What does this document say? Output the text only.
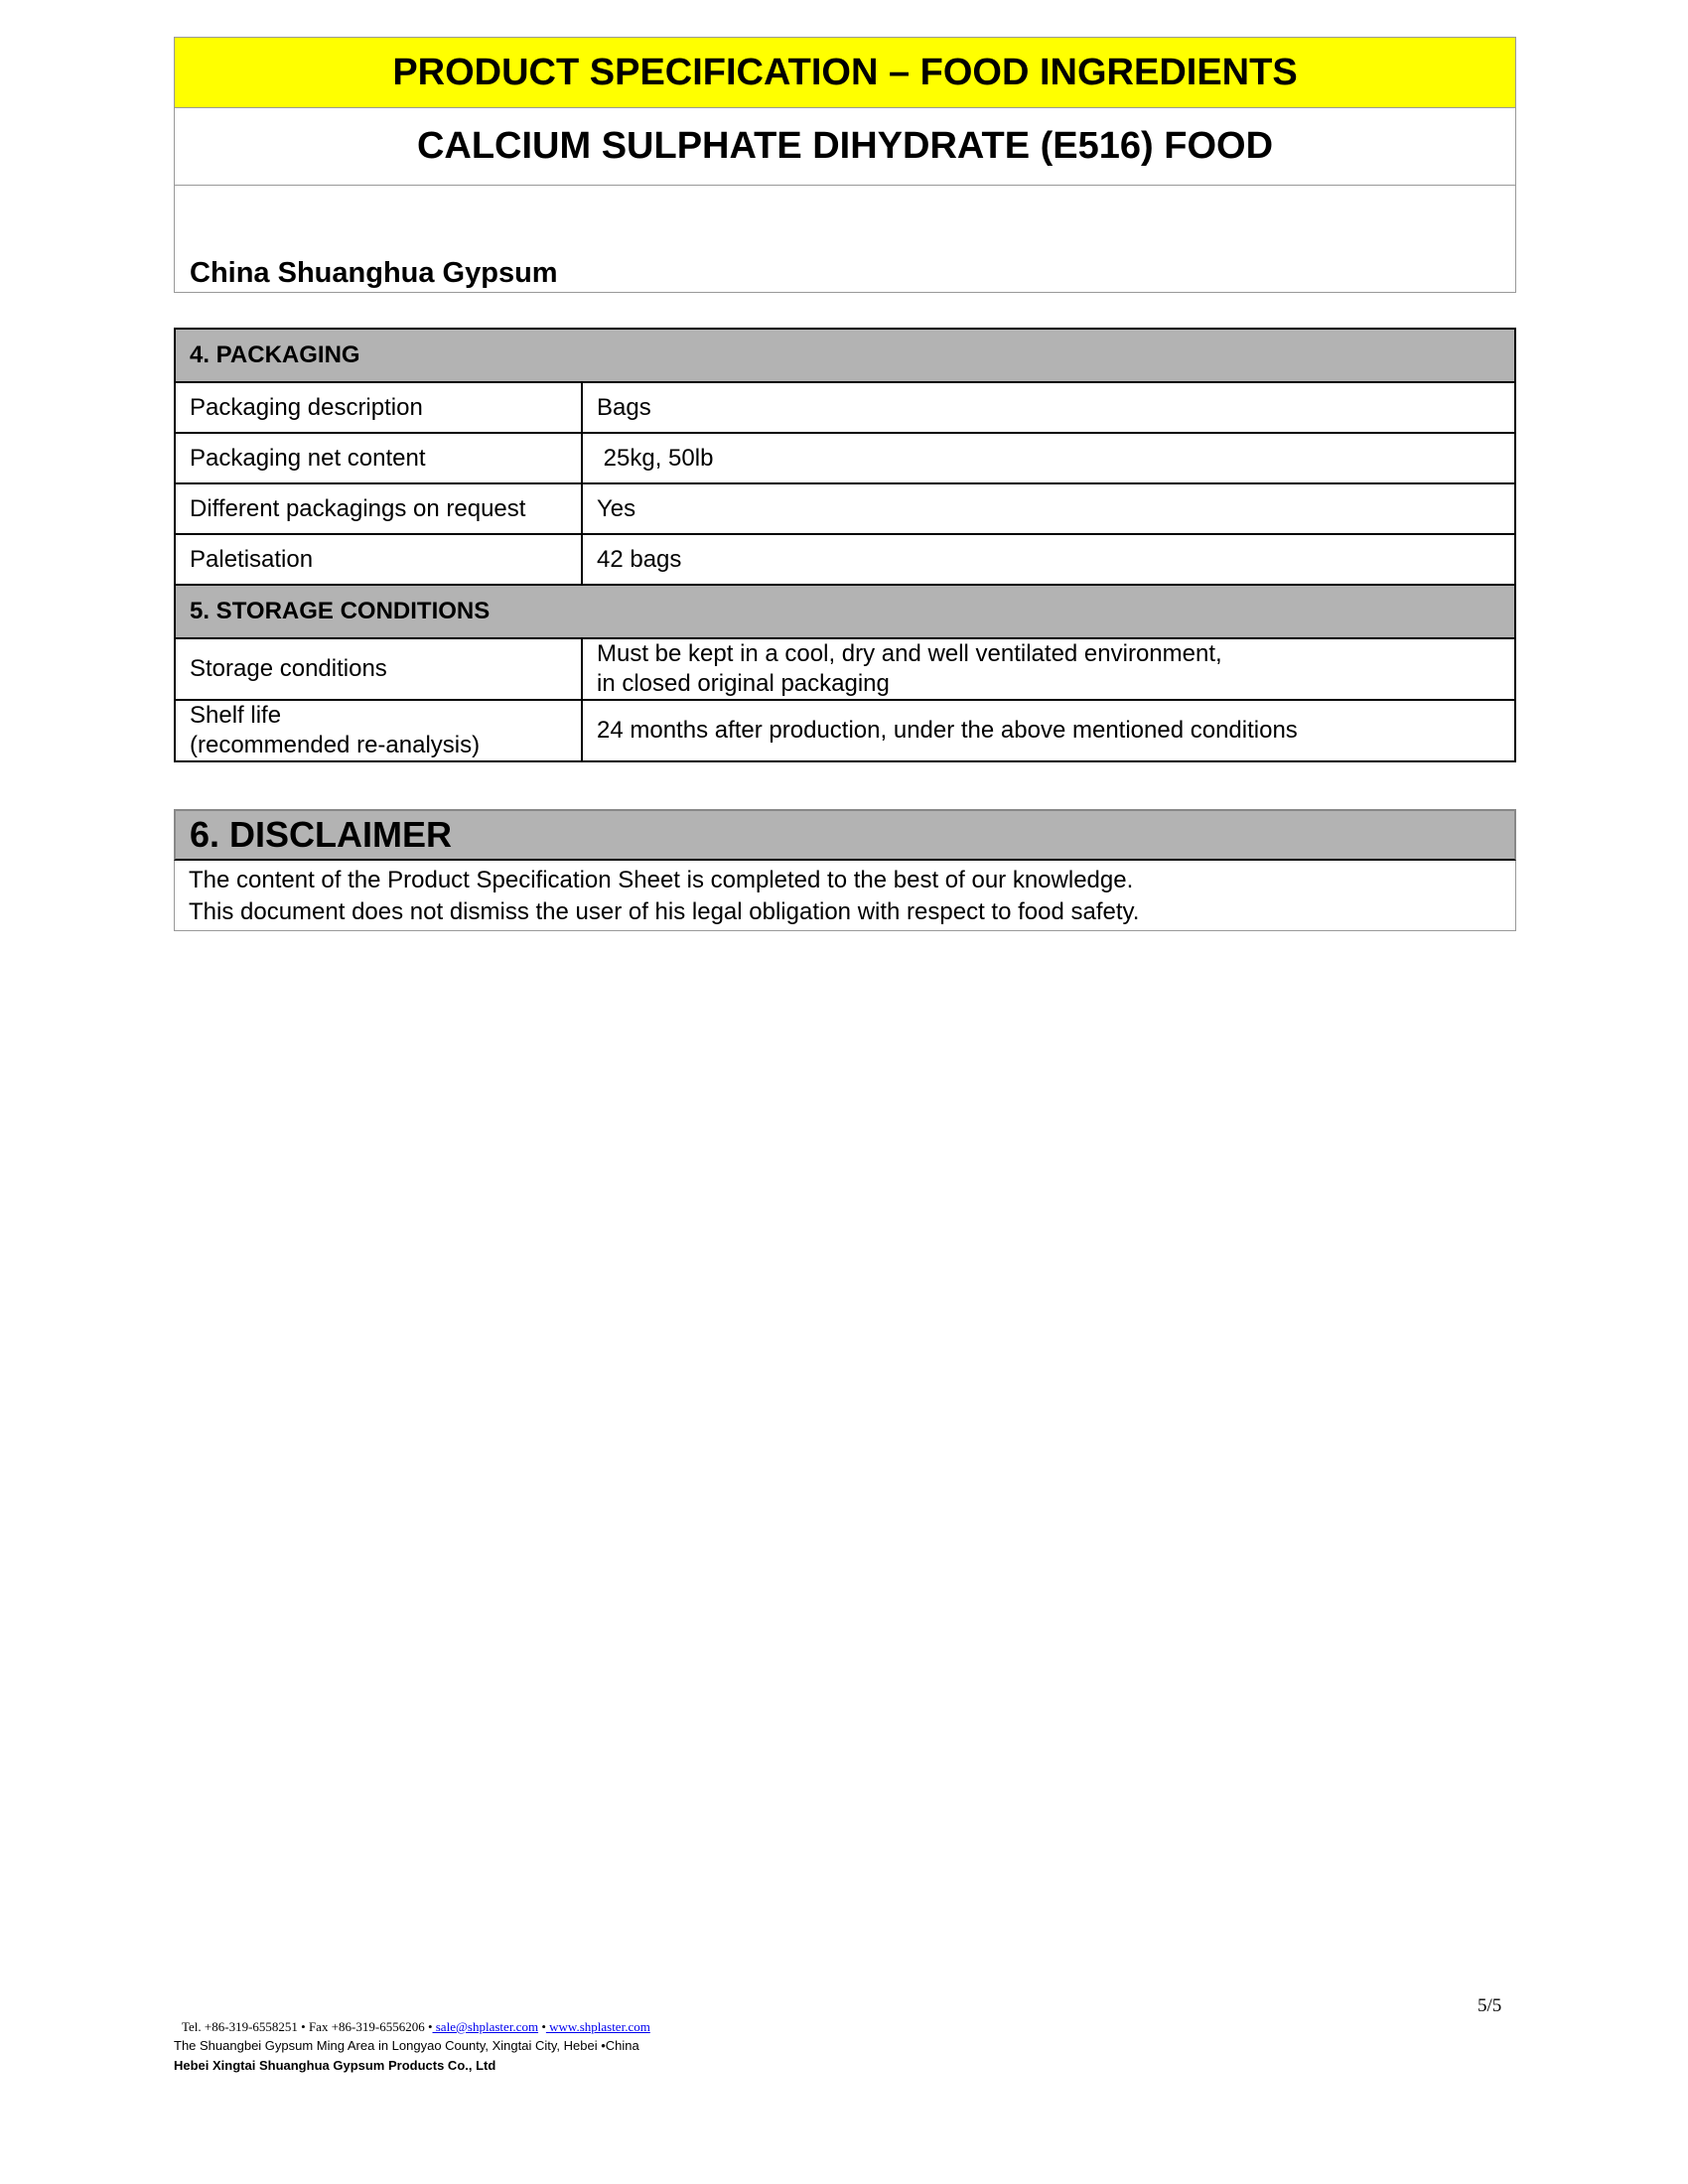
PRODUCT SPECIFICATION – FOOD INGREDIENTS
CALCIUM SULPHATE DIHYDRATE (E516) FOOD
China Shuanghua Gypsum
4. PACKAGING	
Packaging description	Bags
Packaging net content	25kg, 50lb
Different packagings on request	Yes
Paletisation	42 bags
5. STORAGE CONDITIONS	
Storage conditions	Must be kept in a cool, dry and well ventilated environment,
in closed original packaging

Shelf life
(recommended re-analysis)	24 months after production, under the above mentioned conditions
6. DISCLAIMER
The content of the Product Specification Sheet is completed to the best of our knowledge.
This document does not dismiss the user of his legal obligation with respect to food safety.
5/5
Tel. +86-319-6558251 • Fax +86-319-6556206 • sale@shplaster.com • www.shplaster.com
The Shuangbei Gypsum Ming Area in Longyao County, Xingtai City, Hebei •China
Hebei Xingtai Shuanghua Gypsum Products Co., Ltd
